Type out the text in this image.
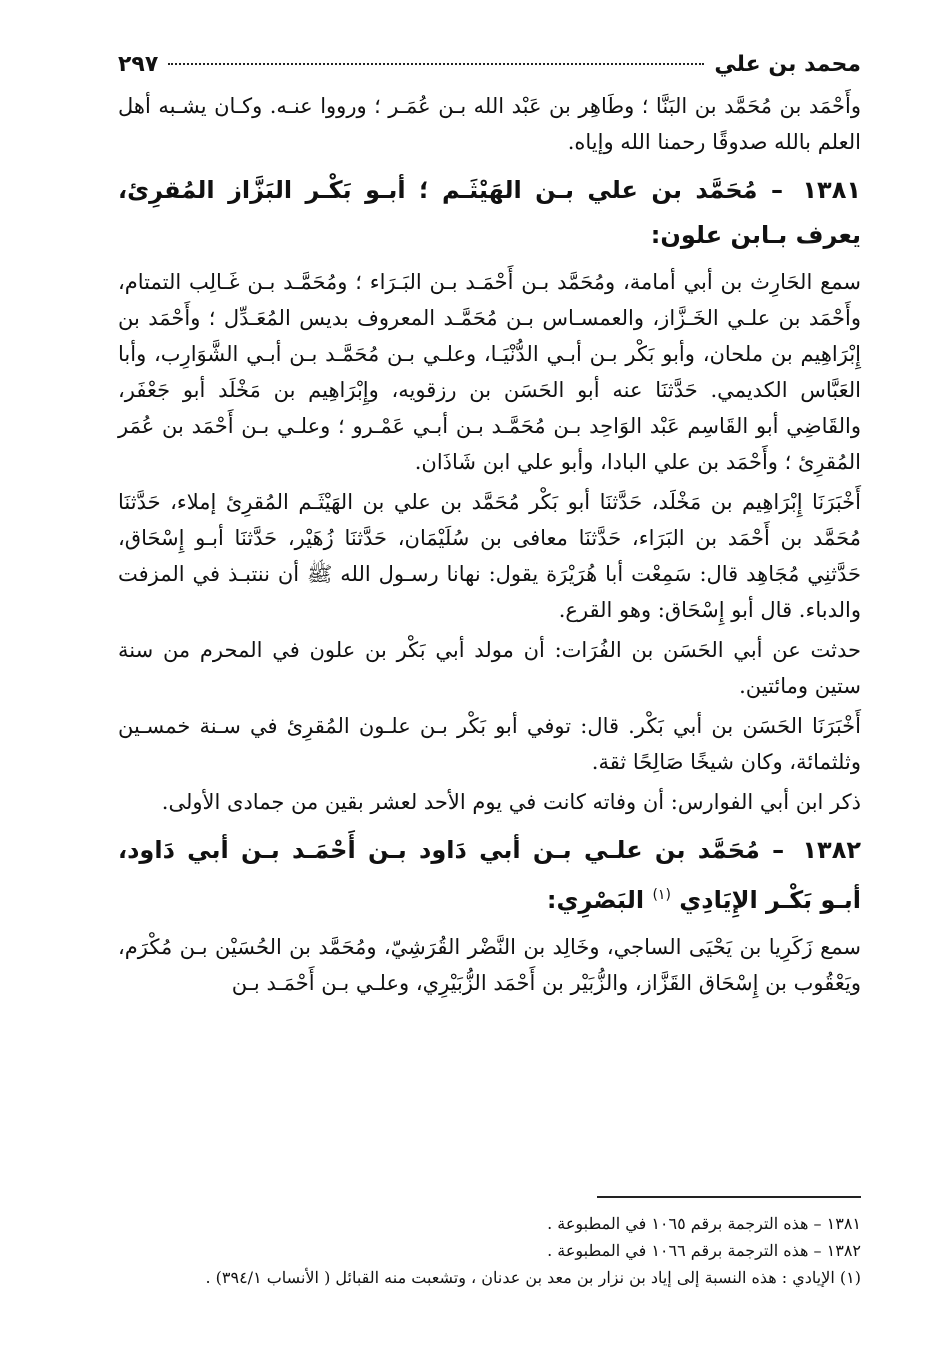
محمد بن علي
٢٩٧

وأَحْمَد بن مُحَمَّد بن البَنَّا ؛ وطَاهِر بن عَبْد الله بـن عُمَـر ؛ ورووا عنـه. وكـان يشـبه أهل العلم بالله صدوقًا رحمنا الله وإياه.

١٣٨١ – مُحَمَّد بن علي بـن الهَيْثَـم ؛ أبـو بَكْـر البَزَّاز المُقرِئ، يعرف بـابن علون:

سمع الحَارِث بن أبي أمامة، ومُحَمَّد بـن أَحْمَـد بـن البَـرَاء ؛ ومُحَمَّـد بـن غَـالِب التمتام، وأَحْمَد بن علـي الخَـزَّاز، والعمسـاس بـن مُحَمَّـد المعروف بديس المُعَـدِّل ؛ وأَحْمَد بن إِبْرَاهِيم بن ملحان، وأبو بَكْر بـن أبـي الدُّنْيَـا، وعلـي بـن مُحَمَّـد بـن أبـي الشَّوَارِب، وأبا العَبَّاس الكديمي. حَدَّثنَا عنه أبو الحَسَن بن رزقويه، وإِبْرَاهِيم بن مَخْلَد أبو جَعْفَر، والقَاضِي أبو القَاسِم عَبْد الوَاحِد بـن مُحَمَّـد بـن أبـي عَمْـرو ؛ وعلـي بـن أَحْمَد بن عُمَر المُقرِئ ؛ وأَحْمَد بن علي البادا، وأبو علي ابن شَاذَان.

أَخْبَرَنَا إِبْرَاهِيم بن مَخْلَد، حَدَّثنَا أبو بَكْر مُحَمَّد بن علي بن الهَيْثَـم المُقرِئ إملاء، حَدَّثنَا مُحَمَّد بن أَحْمَد بن البَرَاء، حَدَّثنَا معافى بن سُلَيْمَان، حَدَّثنَا زُهَيْر، حَدَّثنَا أبـو إِسْحَاق، حَدَّثنِي مُجَاهِد قال: سَمِعْت أبا هُرَيْرَة يقول: نهانا رسـول الله ﷺ أن ننتبـذ في المزفت والدباء. قال أبو إِسْحَاق: وهو القرع.

حدثت عن أبي الحَسَن بن الفُرَات: أن مولد أبي بَكْر بن علون في المحرم من سنة ستين ومائتين.

أَخْبَرَنَا الحَسَن بن أبي بَكْر. قال: توفي أبو بَكْر بـن علـون المُقرِئ في سـنة خمسـين وثلثمائة، وكان شيخًا صَالِحًا ثقة.

ذكر ابن أبي الفوارس: أن وفاته كانت في يوم الأحد لعشر بقين من جمادى الأولى.

١٣٨٢ – مُحَمَّد بن علـي بـن أبي دَاود بـن أَحْمَـد بـن أبي دَاود، أبـو بَكْـر الإِيَادِي $^{(١)}$ البَصْرِي:

سمع زَكَرِيا بن يَحْيَى الساجي، وخَالِد بن النَّضْر القُرَشِيّ، ومُحَمَّد بن الحُسَيْن بـن مُكْرَم، ويَعْقُوب بن إِسْحَاق القَزَّاز، والزُّبَيْر بن أَحْمَد الزُّبَيْرِي، وعلـي بـن أَحْمَـد بـن

١٣٨١ – هذه الترجمة برقم ١٠٦٥ في المطبوعة .
١٣٨٢ – هذه الترجمة برقم ١٠٦٦ في المطبوعة .
(١) الإيادي : هذه النسبة إلى إياد بن نزار بن معد بن عدنان ، وتشعبت منه القبائل ( الأنساب ٣٩٤/١) .
